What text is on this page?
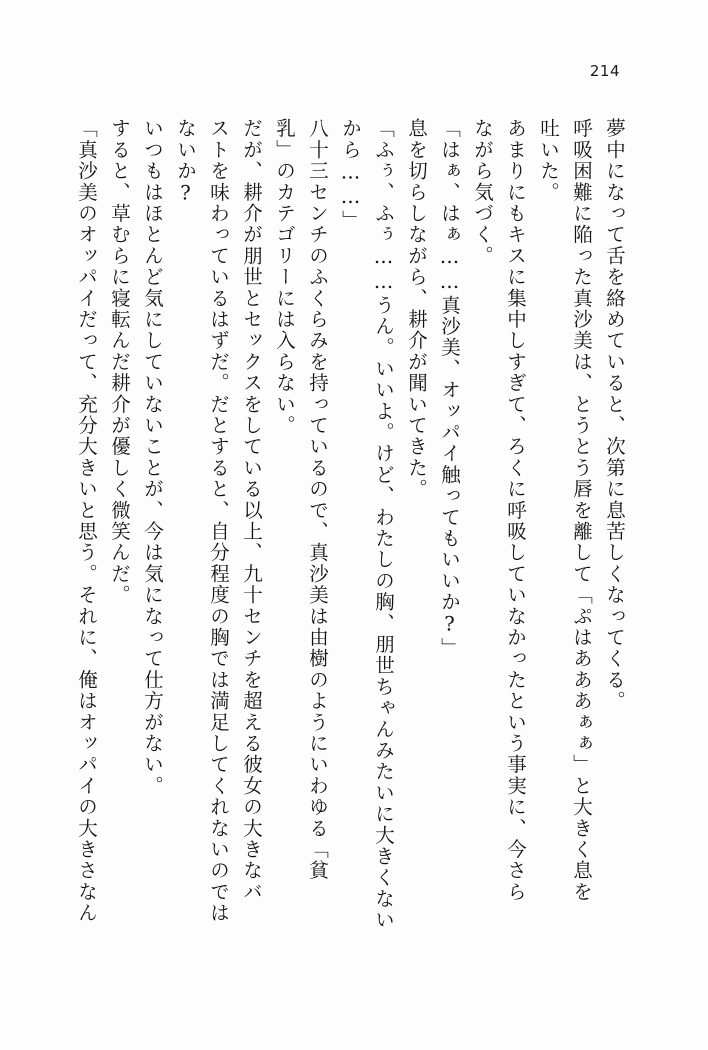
214
夢中になって舌を絡めていると、次第に息苦しくなってくる。
呼吸困難に陥った真沙美は、とうとう唇を離して「ぷはあああぁぁ」と大きく息を
吐いた。
あまりにもキスに集中しすぎて、ろくに呼吸していなかったという事実に、今さら
ながら気づく。
「はぁ、はぁ……真沙美、オッパイ触ってもいいか?」
息を切らしながら、耕介が聞いてきた。
「ふぅ、ふぅ……うん。いいよ。けど、わたしの胸、朋世ちゃんみたいに大きくない
から……」
八十三センチのふくらみを持っているので、真沙美は由樹のようにいわゆる「貧
乳」のカテゴリーには入らない。
だが、耕介が朋世とセックスをしている以上、九十センチを超える彼女の大きなバ
ストを味わっているはずだ。だとすると、自分程度の胸では満足してくれないのでは
ないか?
いつもはほとんど気にしていないことが、今は気になって仕方がない。
すると、草むらに寝転んだ耕介が優しく微笑んだ。
「真沙美のオッパイだって、充分大きいと思う。それに、俺はオッパイの大きさなん
